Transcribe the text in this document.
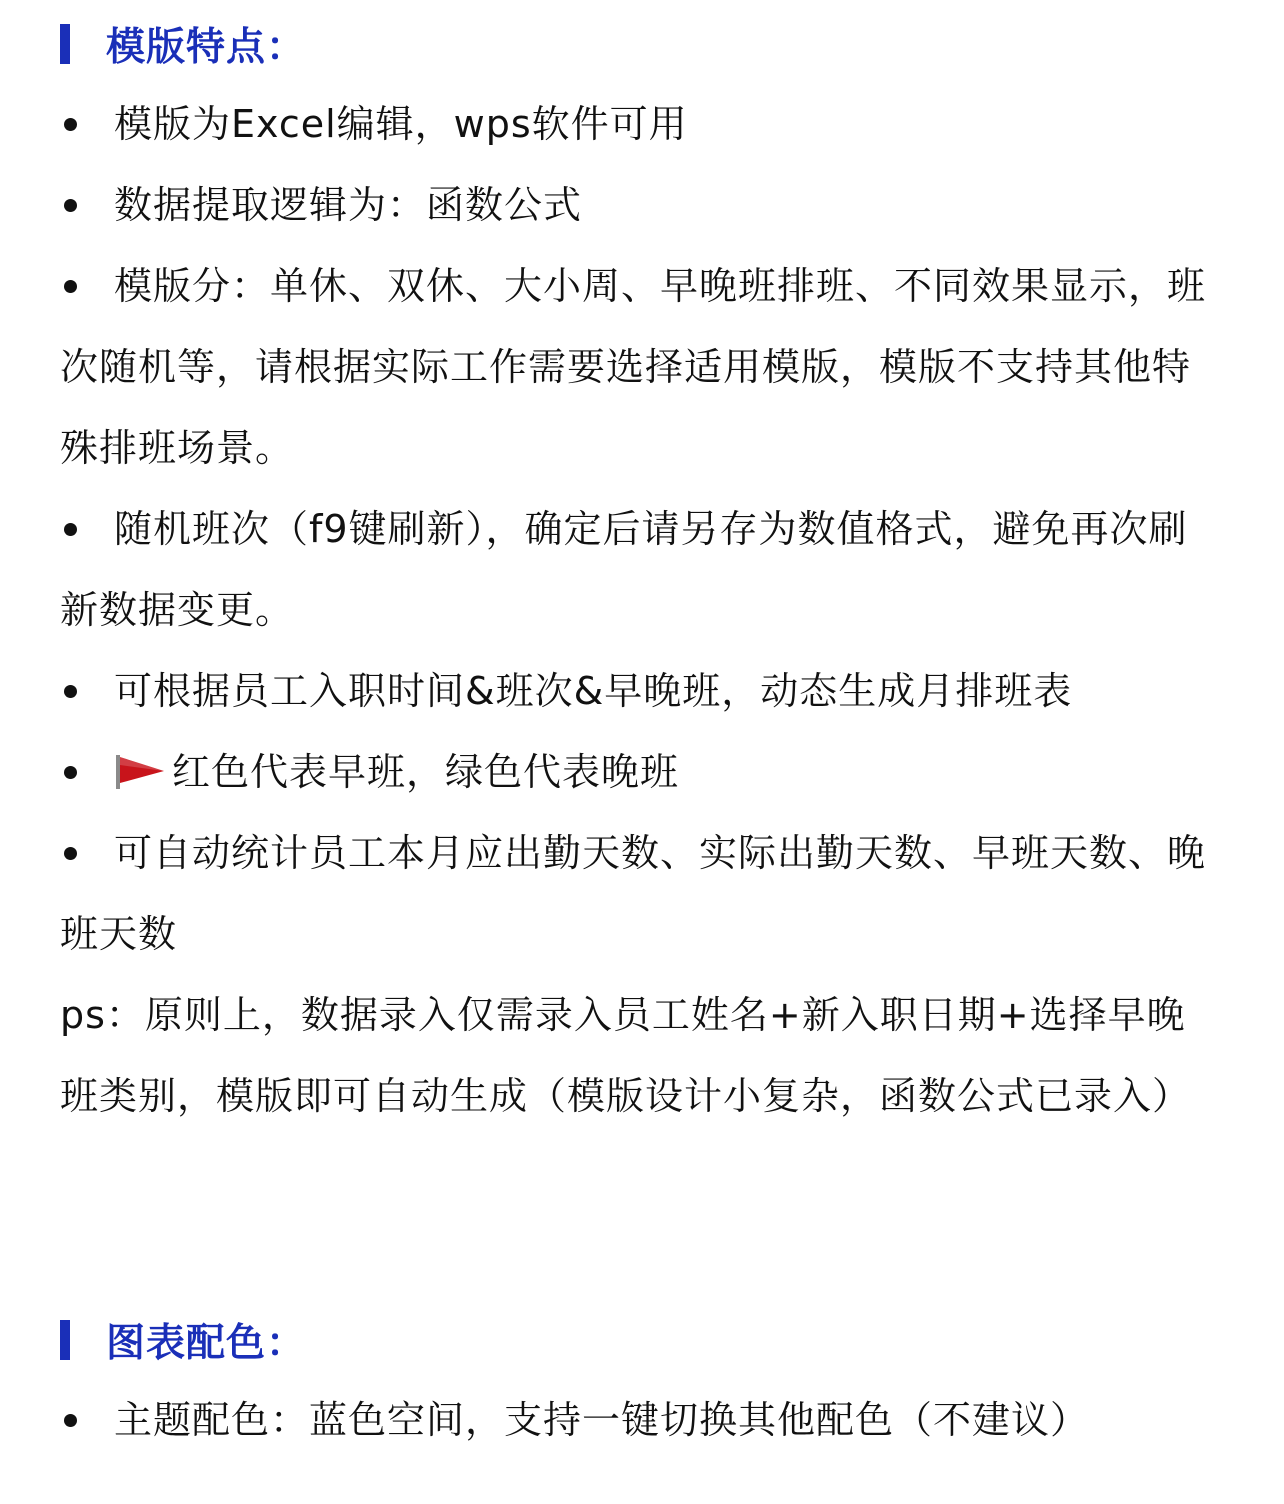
模版特点：
模版为Excel编辑，wps软件可用
数据提取逻辑为：函数公式
模版分：单休、双休、大小周、早晚班排班、不同效果显示，班次随机等，请根据实际工作需要选择适用模版，模版不支持其他特殊排班场景。
随机班次（f9键刷新），确定后请另存为数值格式，避免再次刷新数据变更。
可根据员工入职时间&班次&早晚班，动态生成月排班表
红色代表早班，绿色代表晚班
可自动统计员工本月应出勤天数、实际出勤天数、早班天数、晚班天数
ps：原则上，数据录入仅需录入员工姓名+新入职日期+选择早晚班类别，模版即可自动生成（模版设计小复杂，函数公式已录入）
图表配色：
主题配色：蓝色空间，支持一键切换其他配色（不建议）
